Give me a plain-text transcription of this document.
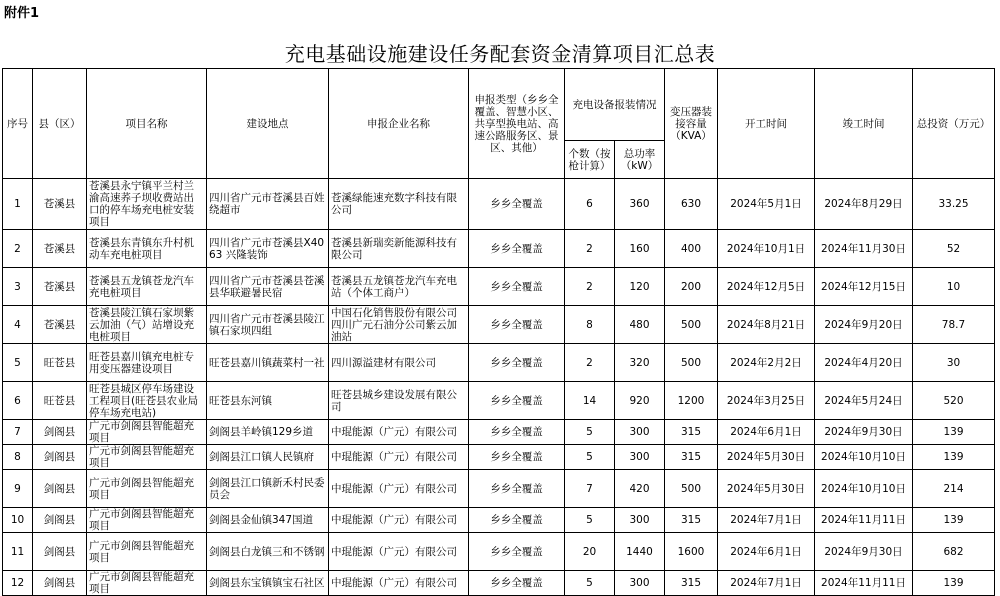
附件1
充电基础设施建设任务配套资金清算项目汇总表
序号	县（区）	项目名称	建设地点	申报企业名称	申报类型（乡乡全覆盖、智慧小区、共享型换电站、高速公路服务区、景区、其他）	充电设备报装情况		变压器装接容量（KVA）	开工时间	竣工时间	总投资（万元）
						个数（按枪计算）	总功率（kW）				
1	苍溪县	苍溪县永宁镇平兰村兰渝高速荞子坝收费站出口的停车场充电桩安装项目	四川省广元市苍溪县百姓绕超市	苍溪绿能速充数字科技有限公司	乡乡全覆盖	6	360	630	2024年5月1日	2024年8月29日	33.25
2	苍溪县	苍溪县东青镇东升村机动车充电桩项目	四川省广元市苍溪县X4063 兴隆装饰	苍溪县新瑞奕新能源科技有限公司	乡乡全覆盖	2	160	400	2024年10月1日	2024年11月30日	52
3	苍溪县	苍溪县五龙镇苍龙汽车充电桩项目	四川省广元市苍溪县苍溪县华联避暑民宿	苍溪县五龙镇苍龙汽车充电站（个体工商户）	乡乡全覆盖	2	120	200	2024年12月5日	2024年12月15日	10
4	苍溪县	苍溪县陵江镇石家坝紫云加油（气）站增设充电桩项目	四川省广元市苍溪县陵江镇石家坝四组	中国石化销售股份有限公司四川广元石油分公司紫云加油站	乡乡全覆盖	8	480	500	2024年8月21日	2024年9月20日	78.7
5	旺苍县	旺苍县嘉川镇充电桩专用变压器建设项目	旺苍县嘉川镇蔬菜村一社	四川源溢建材有限公司	乡乡全覆盖	2	320	500	2024年2月2日	2024年4月20日	30
6	旺苍县	旺苍县城区停车场建设工程项目(旺苍县农业局停车场充电站)	旺苍县东河镇	旺苍县城乡建设发展有限公司	乡乡全覆盖	14	920	1200	2024年3月25日	2024年5月24日	520
7	剑阁县	广元市剑阁县智能超充项目	剑阁县羊岭镇129乡道	中琨能源（广元）有限公司	乡乡全覆盖	5	300	315	2024年6月1日	2024年9月30日	139
8	剑阁县	广元市剑阁县智能超充项目	剑阁县江口镇人民镇府	中琨能源（广元）有限公司	乡乡全覆盖	5	300	315	2024年5月30日	2024年10月10日	139
9	剑阁县	广元市剑阁县智能超充项目	剑阁县江口镇新禾村民委员会	中琨能源（广元）有限公司	乡乡全覆盖	7	420	500	2024年5月30日	2024年10月10日	214
10	剑阁县	广元市剑阁县智能超充项目	剑阁县金仙镇347国道	中琨能源（广元）有限公司	乡乡全覆盖	5	300	315	2024年7月1日	2024年11月11日	139
11	剑阁县	广元市剑阁县智能超充项目	剑阁县白龙镇三和不锈钢	中琨能源（广元）有限公司	乡乡全覆盖	20	1440	1600	2024年6月1日	2024年9月30日	682
12	剑阁县	广元市剑阁县智能超充项目	剑阁县东宝镇镇宝石社区	中琨能源（广元）有限公司	乡乡全覆盖	5	300	315	2024年7月1日	2024年11月11日	139
